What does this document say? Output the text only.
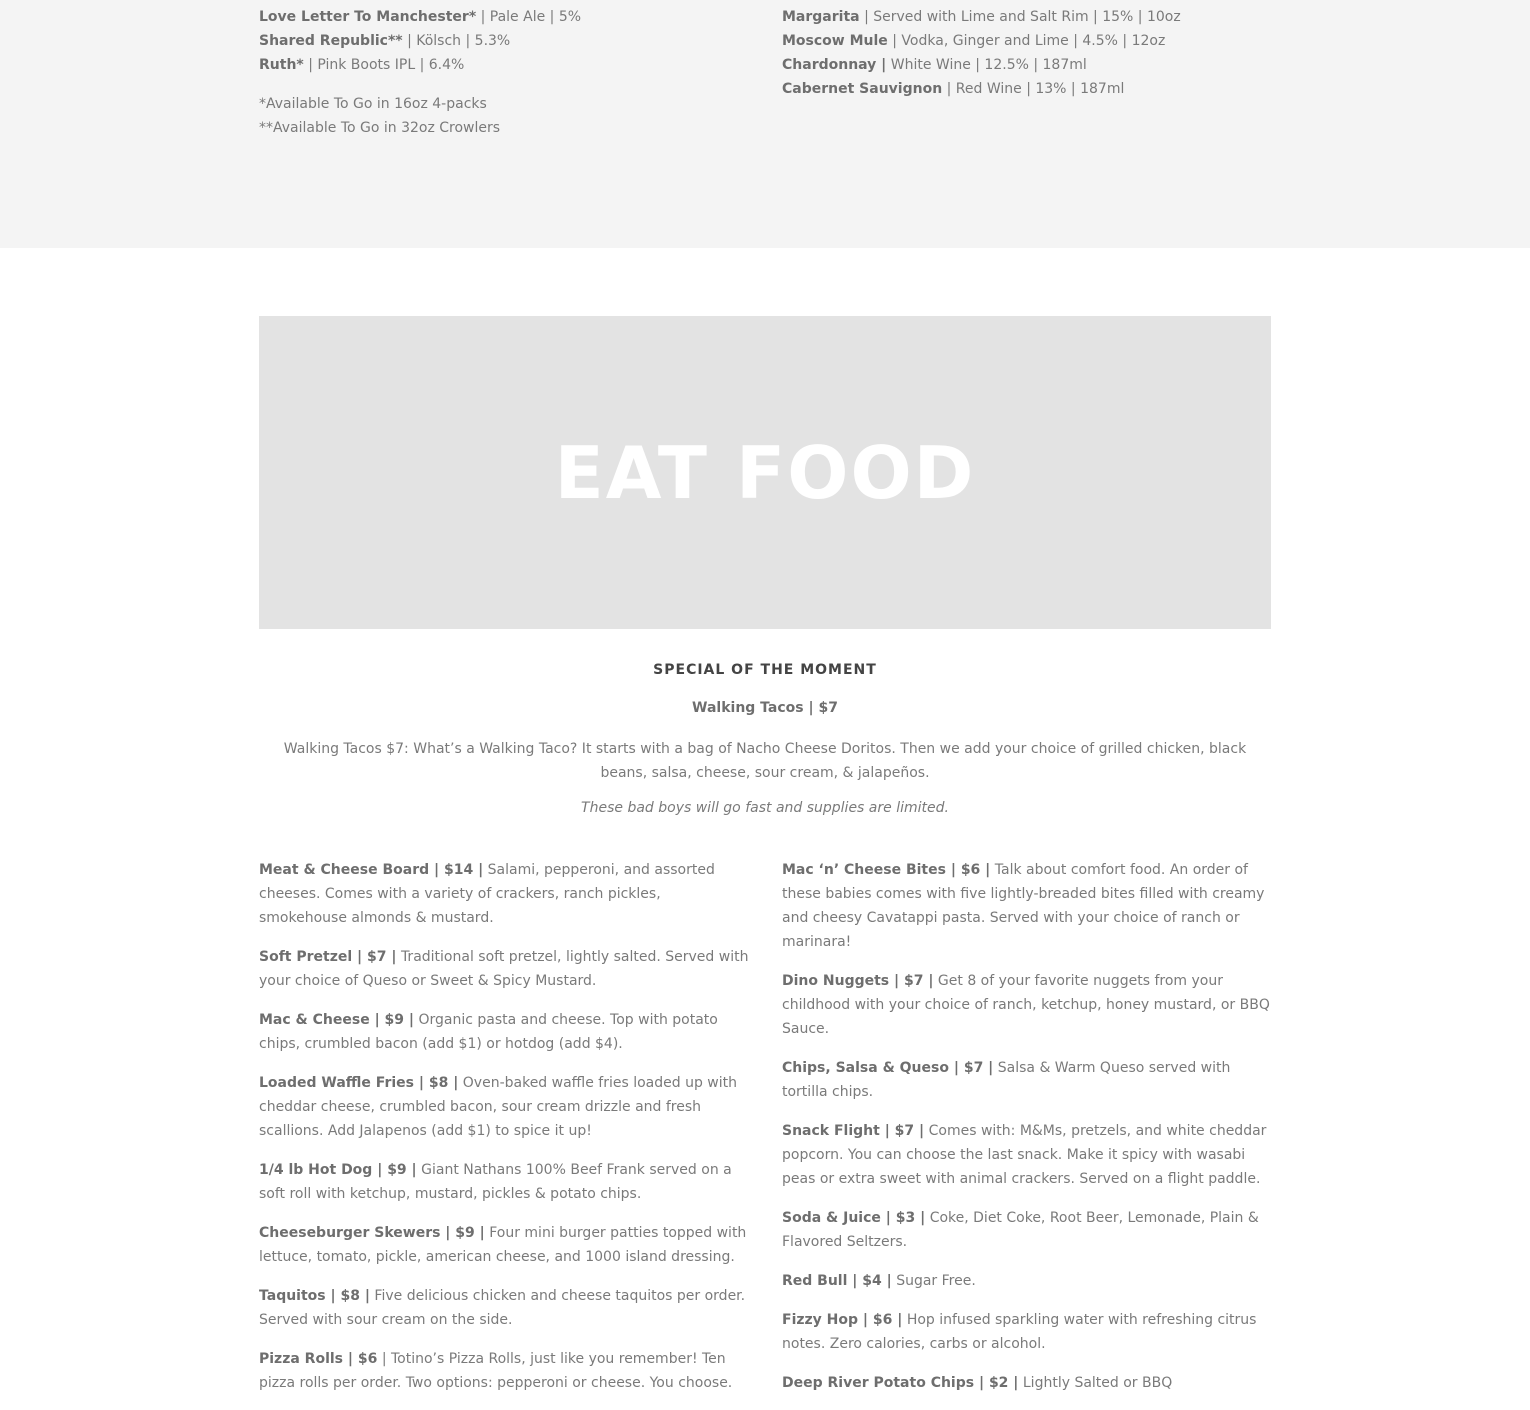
Love Letter To Manchester* | Pale Ale | 5%
Shared Republic** | Kölsch | 5.3%
Ruth* | Pink Boots IPL | 6.4%
*Available To Go in 16oz 4-packs
**Available To Go in 32oz Crowlers
Margarita | Served with Lime and Salt Rim | 15% | 10oz
Moscow Mule | Vodka, Ginger and Lime | 4.5% | 12oz
Chardonnay | White Wine | 12.5% | 187ml
Cabernet Sauvignon | Red Wine | 13% | 187ml
EAT FOOD
SPECIAL OF THE MOMENT
Walking Tacos | $7
Walking Tacos $7: What’s a Walking Taco? It starts with a bag of Nacho Cheese Doritos. Then we add your choice of grilled chicken, black beans, salsa, cheese, sour cream, & jalapeños.
These bad boys will go fast and supplies are limited.

Meat & Cheese Board | $14 | Salami, pepperoni, and assorted cheeses. Comes with a variety of crackers, ranch pickles, smokehouse almonds & mustard.

Soft Pretzel | $7 | Traditional soft pretzel, lightly salted. Served with your choice of Queso or Sweet & Spicy Mustard.

Mac & Cheese | $9 | Organic pasta and cheese. Top with potato chips, crumbled bacon (add $1) or hotdog (add $4).

Loaded Waffle Fries | $8 | Oven-baked waffle fries loaded up with cheddar cheese, crumbled bacon, sour cream drizzle and fresh scallions. Add Jalapenos (add $1) to spice it up!

1/4 lb Hot Dog | $9 | Giant Nathans 100% Beef Frank served on a soft roll with ketchup, mustard, pickles & potato chips.

Cheeseburger Skewers | $9 | Four mini burger patties topped with lettuce, tomato, pickle, american cheese, and 1000 island dressing.

Taquitos | $8 | Five delicious chicken and cheese taquitos per order. Served with sour cream on the side.

Pizza Rolls | $6 | Totino’s Pizza Rolls, just like you remember! Ten pizza rolls per order. Two options: pepperoni or cheese. You choose.

Mac ‘n’ Cheese Bites | $6 | Talk about comfort food. An order of these babies comes with five lightly-breaded bites filled with creamy and cheesy Cavatappi pasta. Served with your choice of ranch or marinara!

Dino Nuggets | $7 | Get 8 of your favorite nuggets from your childhood with your choice of ranch, ketchup, honey mustard, or BBQ Sauce.

Chips, Salsa & Queso | $7 | Salsa & Warm Queso served with tortilla chips.

Snack Flight | $7 | Comes with: M&Ms, pretzels, and white cheddar popcorn. You can choose the last snack. Make it spicy with wasabi peas or extra sweet with animal crackers. Served on a flight paddle.

Soda & Juice | $3 | Coke, Diet Coke, Root Beer, Lemonade, Plain & Flavored Seltzers.

Red Bull | $4 | Sugar Free.

Fizzy Hop | $6 | Hop infused sparkling water with refreshing citrus notes. Zero calories, carbs or alcohol.

Deep River Potato Chips | $2 | Lightly Salted or BBQ
